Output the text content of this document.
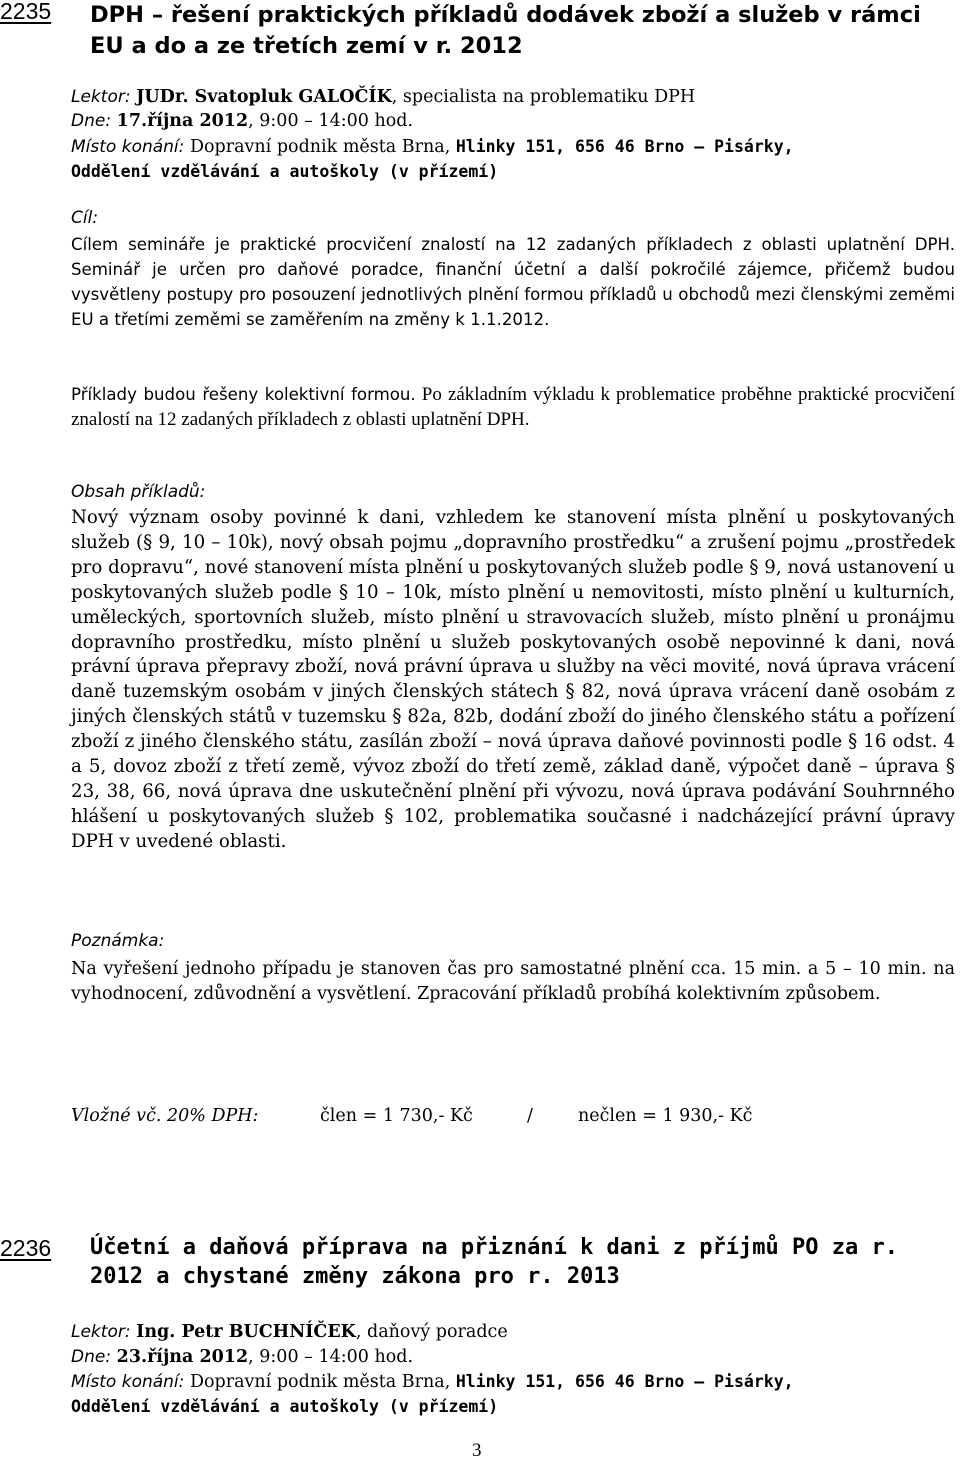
2235 DPH – řešení praktických příkladů dodávek zboží a služeb v rámci EU a do a ze třetích zemí v r. 2012
Lektor: JUDr. Svatopluk GALOČÍK, specialista na problematiku DPH
Dne: 17.října 2012, 9:00 – 14:00 hod.
Místo konání: Dopravní podnik města Brna, Hlinky 151, 656 46 Brno – Pisárky,
Oddělení vzdělávání a autoškoly (v přízemí)
Cíl:

Cílem semináře je praktické procvičení znalostí na 12 zadaných příkladech z oblasti uplatnění DPH. Seminář je určen pro daňové poradce, finanční účetní a další pokročilé zájemce, přičemž budou vysvětleny postupy pro posouzení jednotlivých plnění formou příkladů u obchodů mezi členskými zeměmi EU a třetími zeměmi se zaměřením na změny k 1.1.2012.

Příklady budou řešeny kolektivní formou. Po základním výkladu k problematice proběhne praktické procvičení znalostí na 12 zadaných příkladech z oblasti uplatnění DPH.

Obsah příkladů:

Nový význam osoby povinné k dani, vzhledem ke stanovení místa plnění u poskytovaných služeb (§ 9, 10 – 10k), nový obsah pojmu „dopravního prostředku“ a zrušení pojmu „prostředek pro dopravu“, nové stanovení místa plnění u poskytovaných služeb podle § 9, nová ustanovení u poskytovaných služeb podle § 10 – 10k, místo plnění u nemovitosti, místo plnění u kulturních, uměleckých, sportovních služeb, místo plnění u stravovacích služeb, místo plnění u pronájmu dopravního prostředku, místo plnění u služeb poskytovaných osobě nepovinné k dani, nová právní úprava přepravy zboží, nová právní úprava u služby na věci movité, nová úprava vrácení daně tuzemským osobám v jiných členských státech § 82, nová úprava vrácení daně osobám z jiných členských států v tuzemsku § 82a, 82b, dodání zboží do jiného členského státu a pořízení zboží z jiného členského státu, zasílán zboží – nová úprava daňové povinnosti podle § 16 odst. 4 a 5, dovoz zboží z třetí země, vývoz zboží do třetí země, základ daně, výpočet daně – úprava § 23, 38, 66, nová úprava dne uskutečnění plnění při vývozu, nová úprava podávání Souhrnného hlášení u poskytovaných služeb § 102, problematika současné i nadcházející právní úpravy DPH v uvedené oblasti.

Poznámka:

Na vyřešení jednoho případu je stanoven čas pro samostatné plnění cca. 15 min. a 5 – 10 min. na vyhodnocení, zdůvodnění a vysvětlení. Zpracování příkladů probíhá kolektivním způsobem.

Vložné vč. 20% DPH:	člen = 1 730,- Kč	/	nečlen = 1 930,- Kč
2236 Účetní a daňová příprava na přiznání k dani z příjmů PO za r. 2012 a chystané změny zákona pro r. 2013
Lektor: Ing. Petr BUCHNÍČEK, daňový poradce
Dne: 23.října 2012, 9:00 – 14:00 hod.
Místo konání: Dopravní podnik města Brna, Hlinky 151, 656 46 Brno – Pisárky,
Oddělení vzdělávání a autoškoly (v přízemí)
3
